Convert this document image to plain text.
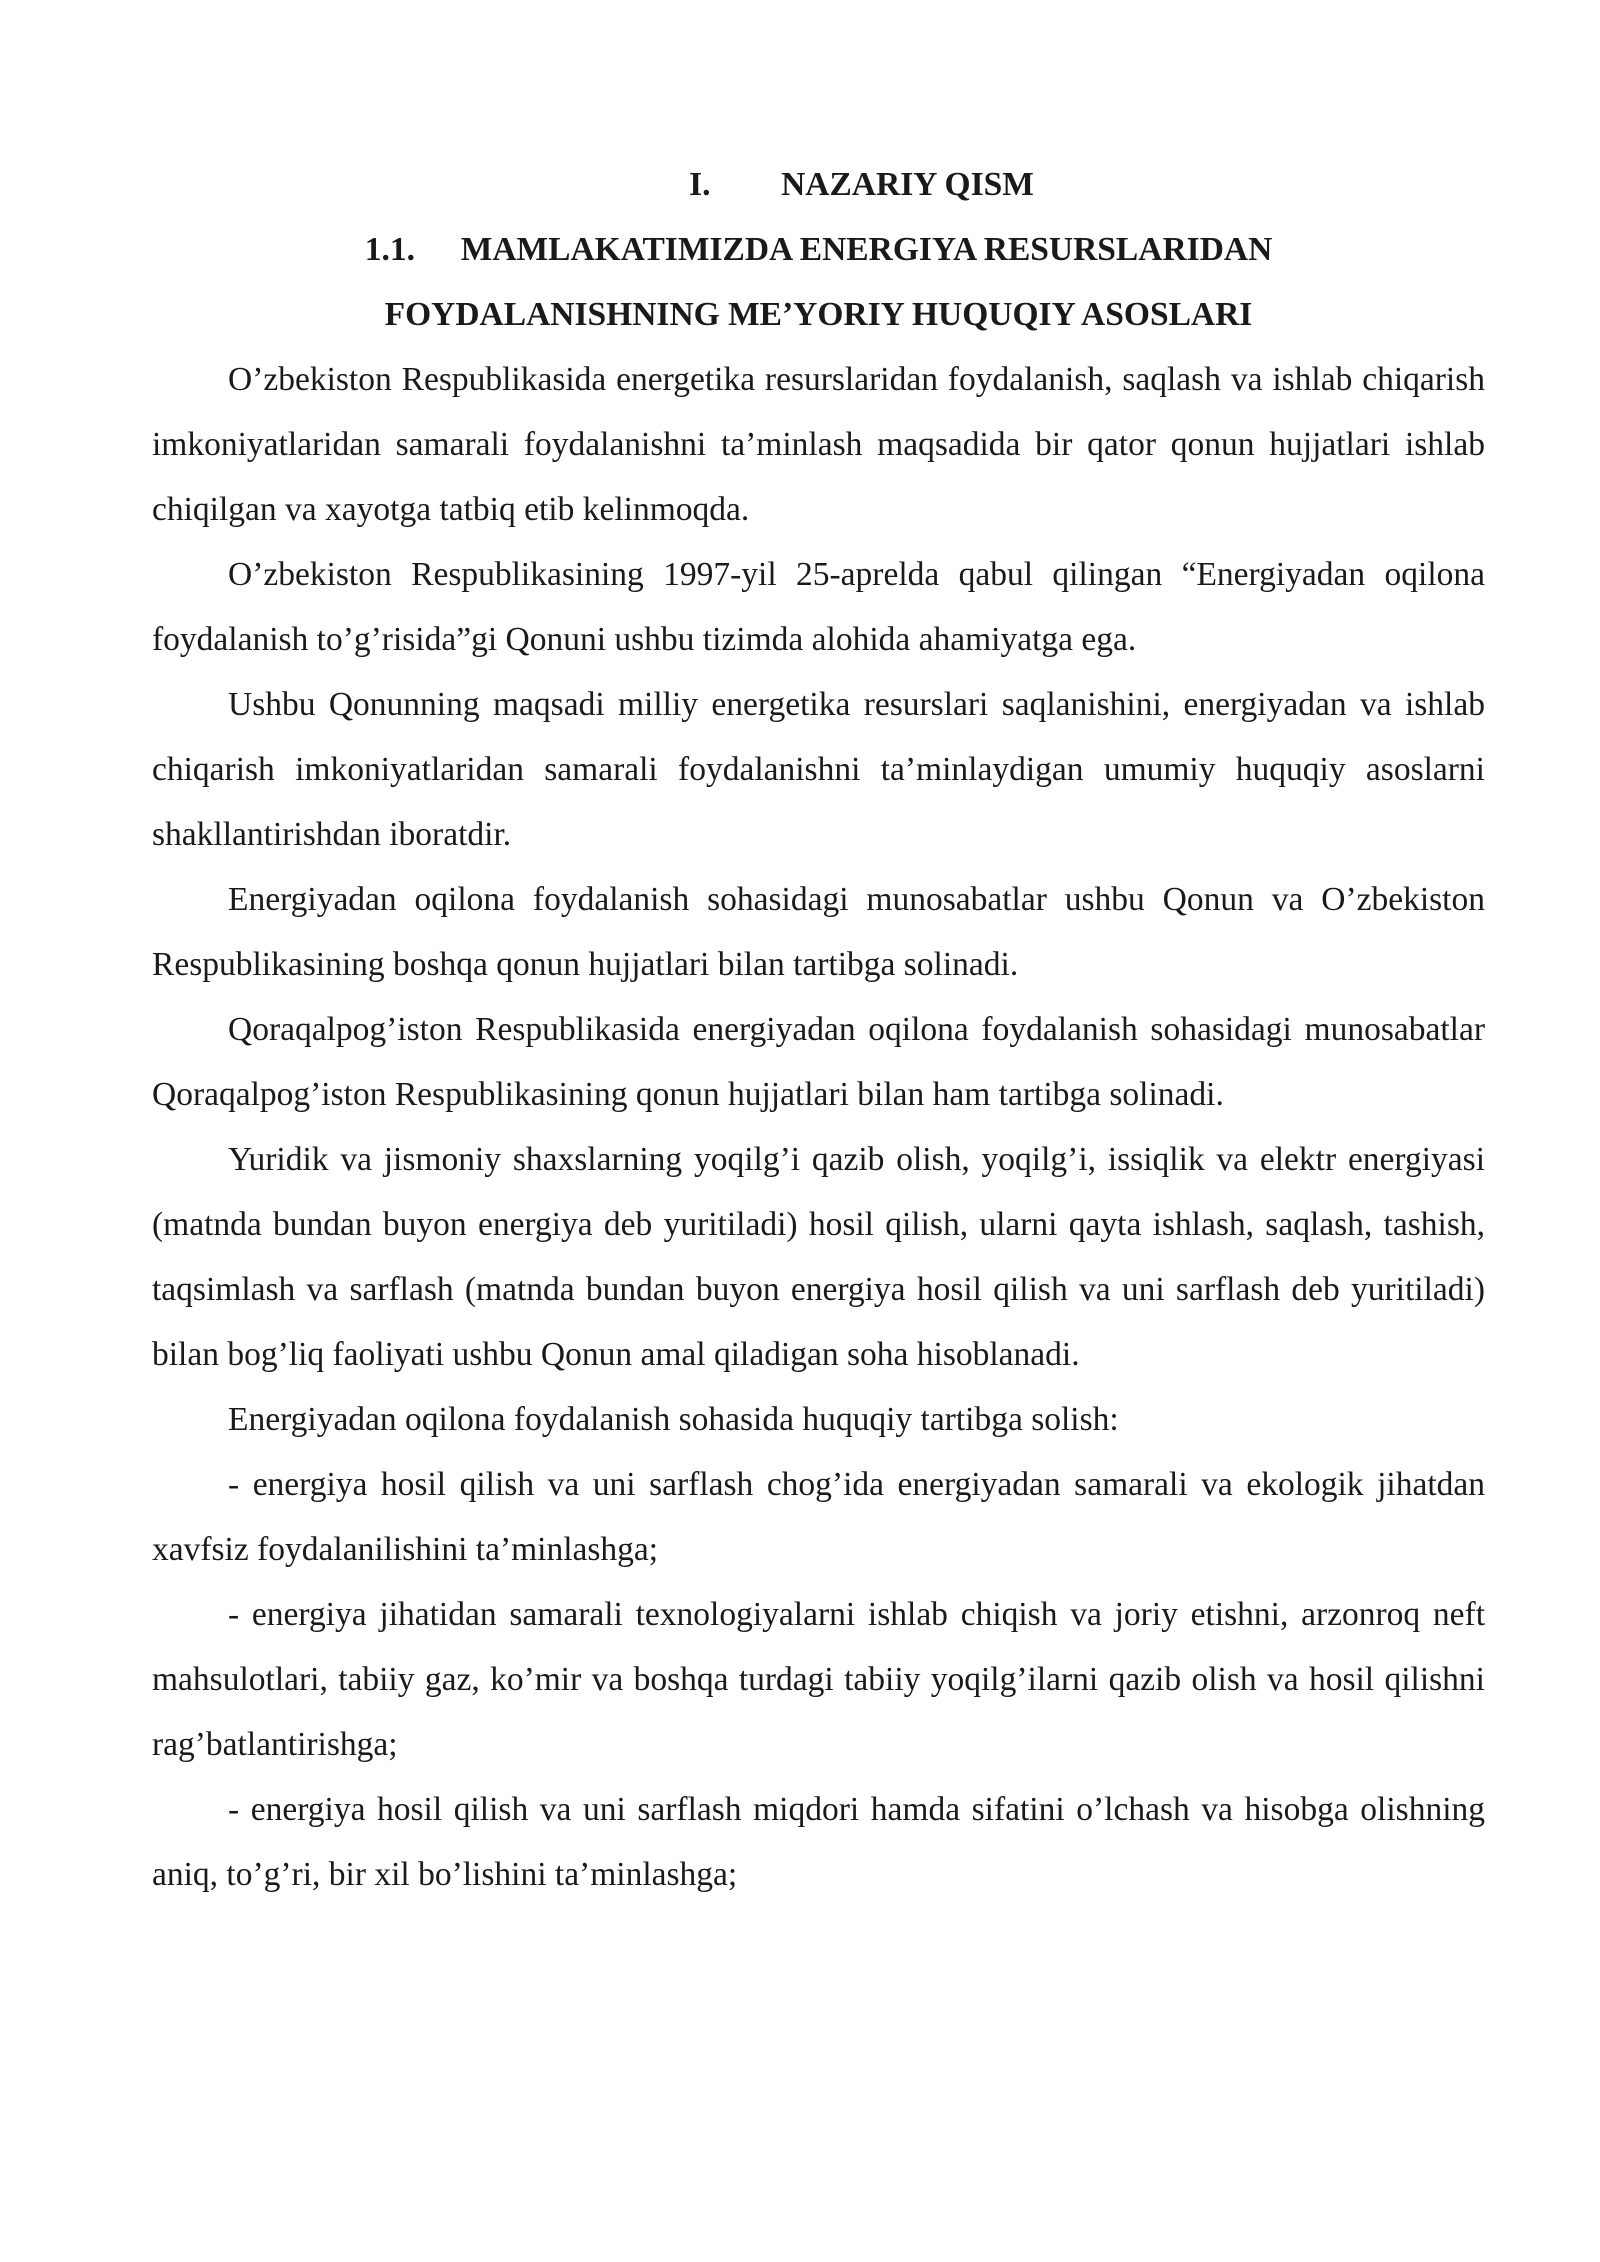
I. NAZARIY QISM
1.1. MAMLAKATIMIZDA ENERGIYA RESURSLARIDAN
FOYDALANISHNING ME’YORIY HUQUQIY ASOSLARI

O’zbekiston Respublikasida energetika resurslaridan foydalanish, saqlash va ishlab chiqarish imkoniyatlaridan samarali foydalanishni ta’minlash maqsadida bir qator qonun hujjatlari ishlab chiqilgan va xayotga tatbiq etib kelinmoqda.

O’zbekiston Respublikasining 1997-yil 25-aprelda qabul qilingan “Energiyadan oqilona foydalanish to’g’risida”gi Qonuni ushbu tizimda alohida ahamiyatga ega.

Ushbu Qonunning maqsadi milliy energetika resurslari saqlanishini, energiyadan va ishlab chiqarish imkoniyatlaridan samarali foydalanishni ta’minlaydigan umumiy huquqiy asoslarni shakllantirishdan iboratdir.

Energiyadan oqilona foydalanish sohasidagi munosabatlar ushbu Qonun va O’zbekiston Respublikasining boshqa qonun hujjatlari bilan tartibga solinadi.

Qoraqalpog’iston Respublikasida energiyadan oqilona foydalanish sohasidagi munosabatlar Qoraqalpog’iston Respublikasining qonun hujjatlari bilan ham tartibga solinadi.

Yuridik va jismoniy shaxslarning yoqilg’i qazib olish, yoqilg’i, issiqlik va elektr energiyasi (matnda bundan buyon energiya deb yuritiladi) hosil qilish, ularni qayta ishlash, saqlash, tashish, taqsimlash va sarflash (matnda bundan buyon energiya hosil qilish va uni sarflash deb yuritiladi) bilan bog’liq faoliyati ushbu Qonun amal qiladigan soha hisoblanadi.

Energiyadan oqilona foydalanish sohasida huquqiy tartibga solish:

- energiya hosil qilish va uni sarflash chog’ida energiyadan samarali va ekologik jihatdan xavfsiz foydalanilishini ta’minlashga;

- energiya jihatidan samarali texnologiyalarni ishlab chiqish va joriy etishni, arzonroq neft mahsulotlari, tabiiy gaz, ko’mir va boshqa turdagi tabiiy yoqilg’ilarni qazib olish va hosil qilishni rag’batlantirishga;

- energiya hosil qilish va uni sarflash miqdori hamda sifatini o’lchash va hisobga olishning aniq, to’g’ri, bir xil bo’lishini ta’minlashga;
